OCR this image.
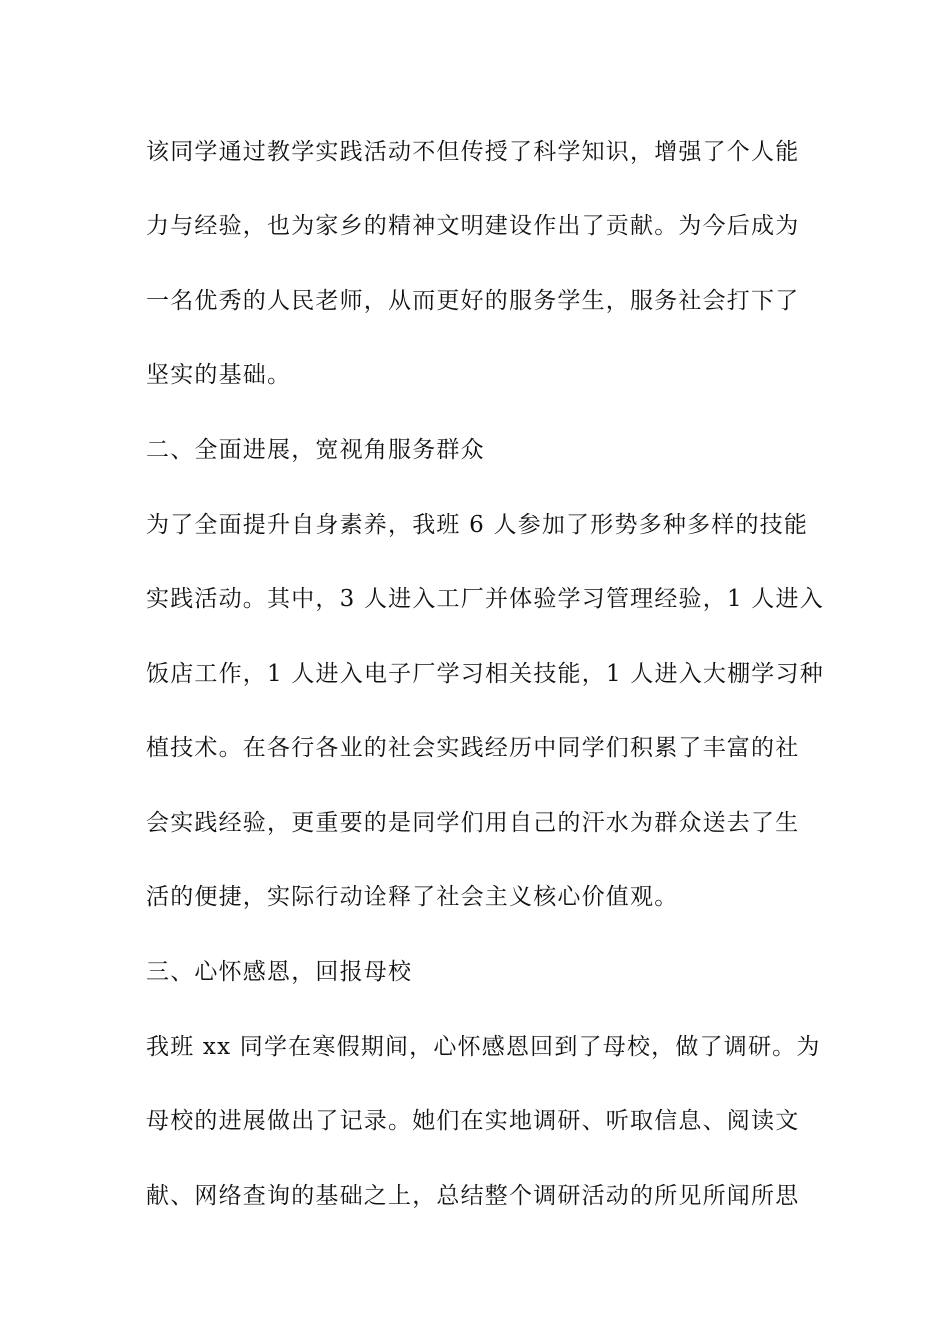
该同学通过教学实践活动不但传授了科学知识，增强了个人能
力与经验，也为家乡的精神文明建设作出了贡献。为今后成为
一名优秀的人民老师，从而更好的服务学生，服务社会打下了
坚实的基础。
二、全面进展，宽视角服务群众
为了全面提升自身素养，我班 6 人参加了形势多种多样的技能
实践活动。其中，3 人进入工厂并体验学习管理经验，1 人进入
饭店工作，1 人进入电子厂学习相关技能，1 人进入大棚学习种
植技术。在各行各业的社会实践经历中同学们积累了丰富的社
会实践经验，更重要的是同学们用自己的汗水为群众送去了生
活的便捷，实际行动诠释了社会主义核心价值观。
三、心怀感恩，回报母校
我班 xx 同学在寒假期间，心怀感恩回到了母校，做了调研。为
母校的进展做出了记录。她们在实地调研、听取信息、阅读文
献、网络查询的基础之上，总结整个调研活动的所见所闻所思
